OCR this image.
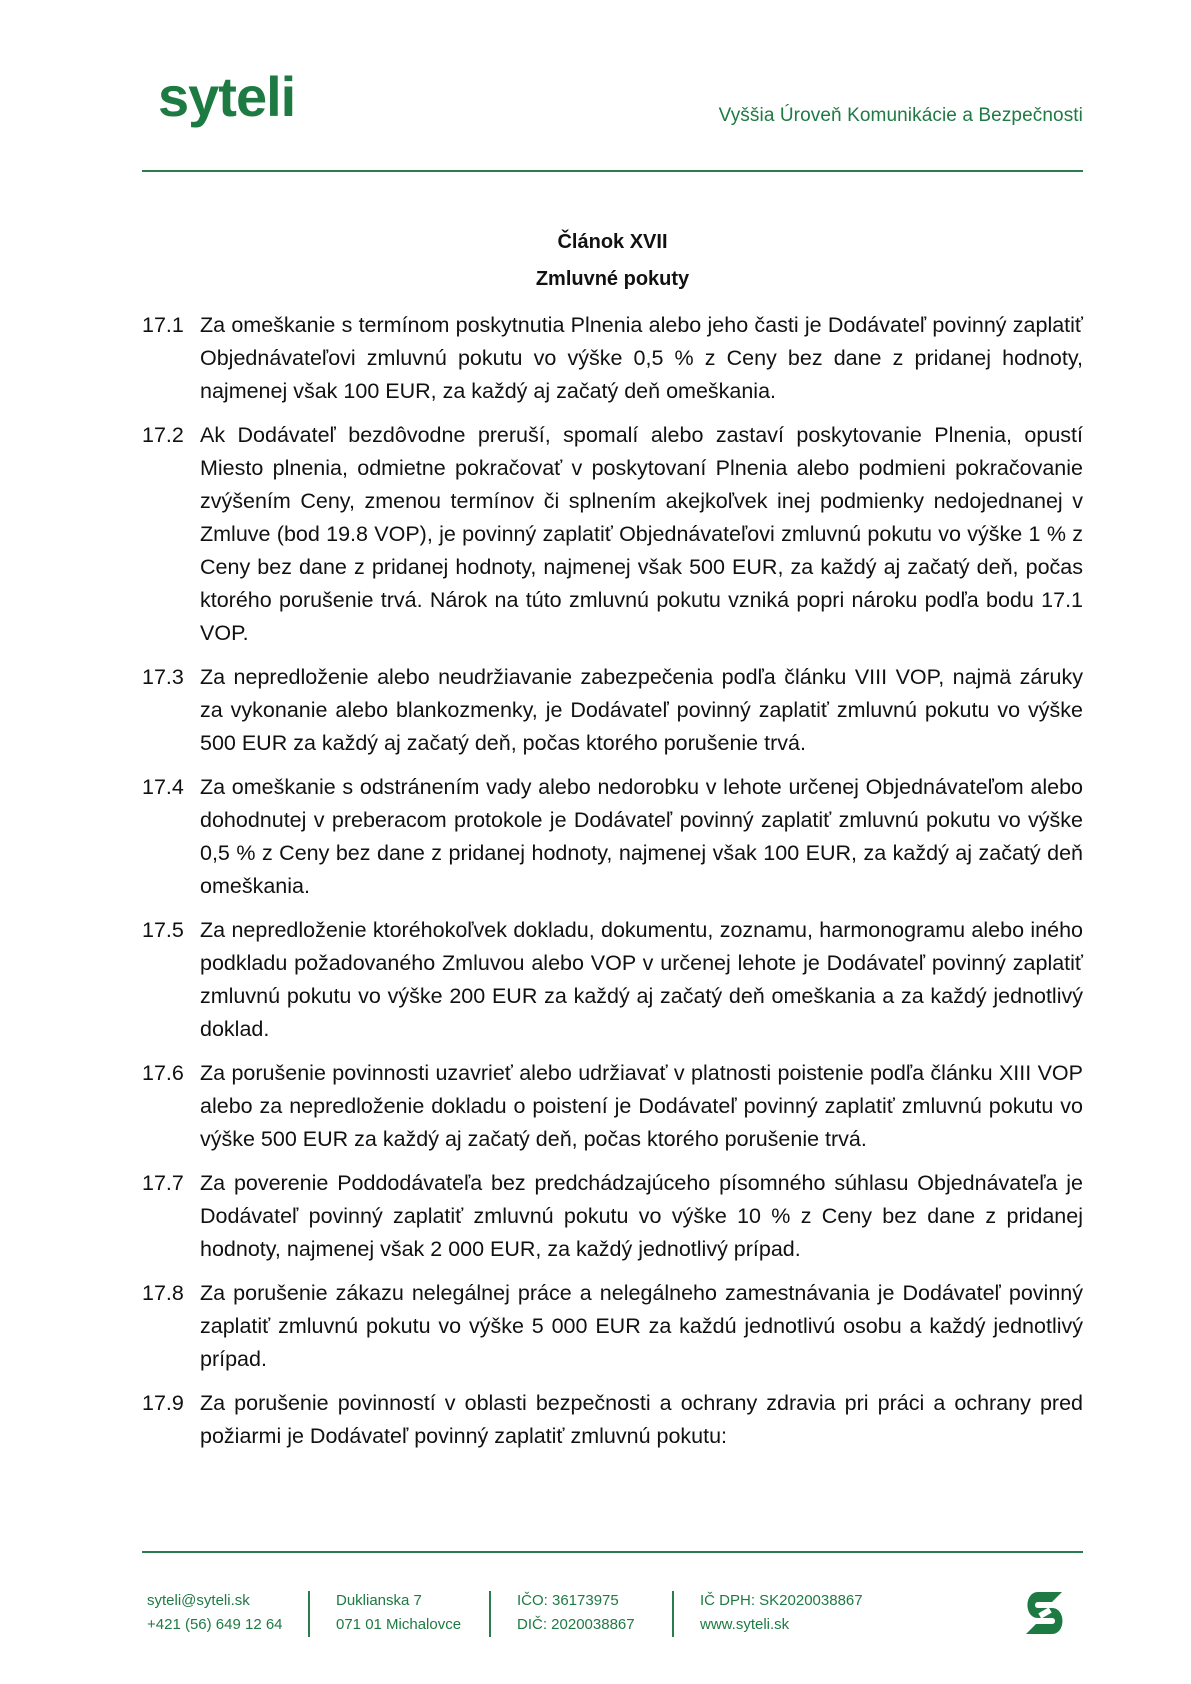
syteli	Vyššia Úroveň Komunikácie a Bezpečnosti
Článok XVII
Zmluvné pokuty
17.1 Za omeškanie s termínom poskytnutia Plnenia alebo jeho časti je Dodávateľ povinný zaplatiť Objednávateľovi zmluvnú pokutu vo výške 0,5 % z Ceny bez dane z pridanej hodnoty, najmenej však 100 EUR, za každý aj začatý deň omeškania.
17.2 Ak Dodávateľ bezdôvodne preruší, spomalí alebo zastaví poskytovanie Plnenia, opustí Miesto plnenia, odmietne pokračovať v poskytovaní Plnenia alebo podmieni pokračovanie zvýšením Ceny, zmenou termínov či splnením akejkoľvek inej podmienky nedojednanej v Zmluve (bod 19.8 VOP), je povinný zaplatiť Objednávateľovi zmluvnú pokutu vo výške 1 % z Ceny bez dane z pridanej hodnoty, najmenej však 500 EUR, za každý aj začatý deň, počas ktorého porušenie trvá. Nárok na túto zmluvnú pokutu vzniká popri nároku podľa bodu 17.1 VOP.
17.3 Za nepredloženie alebo neudržiavanie zabezpečenia podľa článku VIII VOP, najmä záruky za vykonanie alebo blankozmenky, je Dodávateľ povinný zaplatiť zmluvnú pokutu vo výške 500 EUR za každý aj začatý deň, počas ktorého porušenie trvá.
17.4 Za omeškanie s odstránením vady alebo nedorobku v lehote určenej Objednávateľom alebo dohodnutej v preberacom protokole je Dodávateľ povinný zaplatiť zmluvnú pokutu vo výške 0,5 % z Ceny bez dane z pridanej hodnoty, najmenej však 100 EUR, za každý aj začatý deň omeškania.
17.5 Za nepredloženie ktoréhokoľvek dokladu, dokumentu, zoznamu, harmonogramu alebo iného podkladu požadovaného Zmluvou alebo VOP v určenej lehote je Dodávateľ povinný zaplatiť zmluvnú pokutu vo výške 200 EUR za každý aj začatý deň omeškania a za každý jednotlivý doklad.
17.6 Za porušenie povinnosti uzavrieť alebo udržiavať v platnosti poistenie podľa článku XIII VOP alebo za nepredloženie dokladu o poistení je Dodávateľ povinný zaplatiť zmluvnú pokutu vo výške 500 EUR za každý aj začatý deň, počas ktorého porušenie trvá.
17.7 Za poverenie Poddodávateľa bez predchádzajúceho písomného súhlasu Objednávateľa je Dodávateľ povinný zaplatiť zmluvnú pokutu vo výške 10 % z Ceny bez dane z pridanej hodnoty, najmenej však 2 000 EUR, za každý jednotlivý prípad.
17.8 Za porušenie zákazu nelegálnej práce a nelegálneho zamestnávania je Dodávateľ povinný zaplatiť zmluvnú pokutu vo výške 5 000 EUR za každú jednotlivú osobu a každý jednotlivý prípad.
17.9 Za porušenie povinností v oblasti bezpečnosti a ochrany zdravia pri práci a ochrany pred požiarmi je Dodávateľ povinný zaplatiť zmluvnú pokutu:
syteli@syteli.sk
+421 (56) 649 12 64
Duklianska 7
071 01 Michalovce
IČO: 36173975
DIČ: 2020038867
IČ DPH: SK2020038867
www.syteli.sk
